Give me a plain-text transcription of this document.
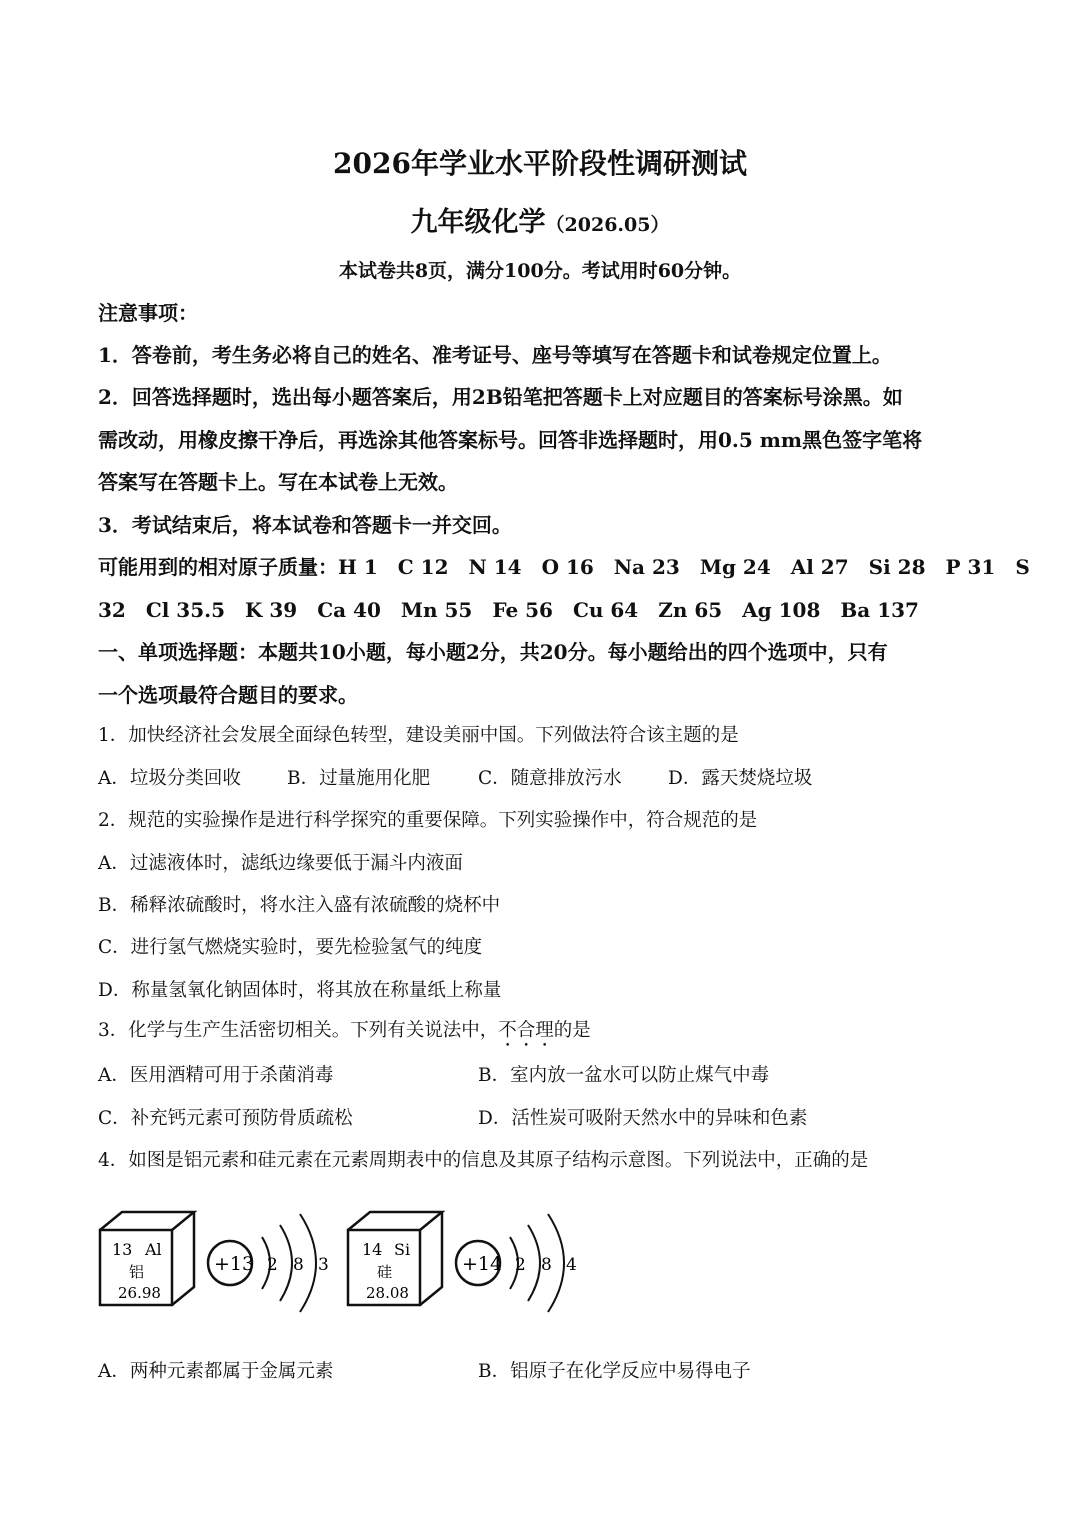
2026年学业水平阶段性调研测试
九年级化学（2026.05）
本试卷共8页，满分100分。考试用时60分钟。
注意事项：
1．答卷前，考生务必将自己的姓名、准考证号、座号等填写在答题卡和试卷规定位置上。
2．回答选择题时，选出每小题答案后，用2B铅笔把答题卡上对应题目的答案标号涂黑。如
需改动，用橡皮擦干净后，再选涂其他答案标号。回答非选择题时，用0.5 mm黑色签字笔将
答案写在答题卡上。写在本试卷上无效。
3．考试结束后，将本试卷和答题卡一并交回。
可能用到的相对原子质量：H 1　C 12　N 14　O 16　Na 23　Mg 24　Al 27　Si 28　P 31　S
32　Cl 35.5　K 39　Ca 40　Mn 55　Fe 56　Cu 64　Zn 65　Ag 108　Ba 137
一、单项选择题：本题共10小题，每小题2分，共20分。每小题给出的四个选项中，只有
一个选项最符合题目的要求。
1．加快经济社会发展全面绿色转型，建设美丽中国。下列做法符合该主题的是
A．垃圾分类回收 B．过量施用化肥	C．随意排放污水	D．露天焚烧垃圾
2．规范的实验操作是进行科学探究的重要保障。下列实验操作中，符合规范的是
A．过滤液体时，滤纸边缘要低于漏斗内液面
B．稀释浓硫酸时，将水注入盛有浓硫酸的烧杯中
C．进行氢气燃烧实验时，要先检验氢气的纯度
D．称量氢氧化钠固体时，将其放在称量纸上称量
3．化学与生产生活密切相关。下列有关说法中，不合理的是
A．医用酒精可用于杀菌消毒	B．室内放一盆水可以防止煤气中毒
C．补充钙元素可预防骨质疏松	D．活性炭可吸附天然水中的异味和色素
4．如图是铝元素和硅元素在元素周期表中的信息及其原子结构示意图。下列说法中，正确的是
13 Al
铝
26.98
+13 2 8 3
14 Si
硅
28.08
+14 2 8 4
A．两种元素都属于金属元素	B．铝原子在化学反应中易得电子
